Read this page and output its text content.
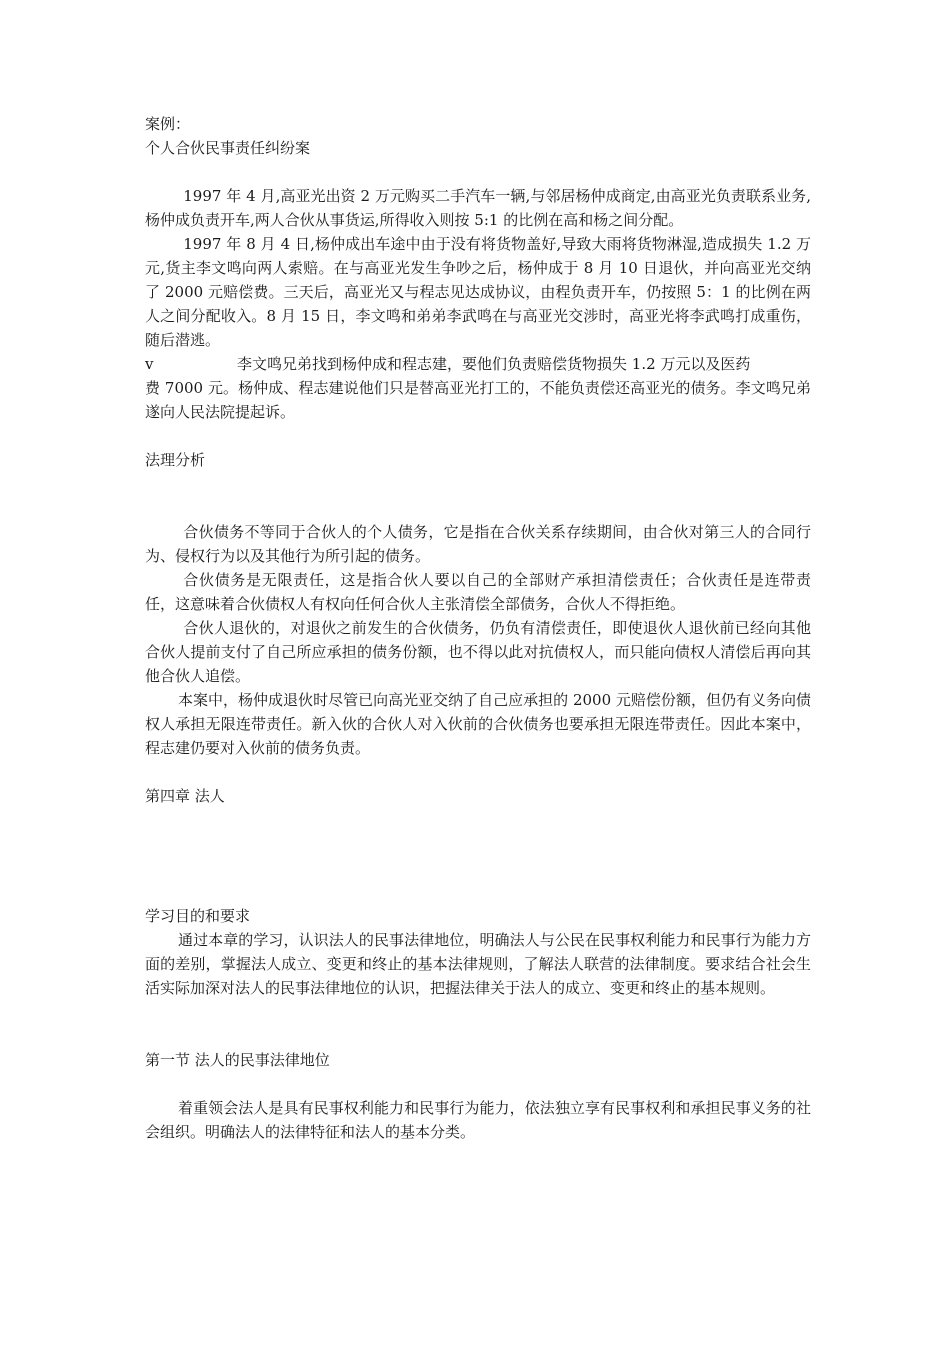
案例：
个人合伙民事责任纠纷案
1997 年 4 月,高亚光出资 2 万元购买二手汽车一辆,与邻居杨仲成商定,由高亚光负责联系业务,杨仲成负责开车,两人合伙从事货运,所得收入则按 5:1 的比例在高和杨之间分配。
1997 年 8 月 4 日,杨仲成出车途中由于没有将货物盖好,导致大雨将货物淋湿,造成损失 1.2 万元,货主李文鸣向两人索赔。在与高亚光发生争吵之后，杨仲成于 8 月 10 日退伙，并向高亚光交纳了 2000 元赔偿费。三天后，高亚光又与程志见达成协议，由程负责开车，仍按照 5：1 的比例在两人之间分配收入。8 月 15 日，李文鸣和弟弟李武鸣在与高亚光交涉时，高亚光将李武鸣打成重伤，随后潜逃。
v	李文鸣兄弟找到杨仲成和程志建，要他们负责赔偿货物损失 1.2 万元以及医药
费 7000 元。杨仲成、程志建说他们只是替高亚光打工的，不能负责偿还高亚光的债务。李文鸣兄弟遂向人民法院提起诉。
法理分析
合伙债务不等同于合伙人的个人债务，它是指在合伙关系存续期间，由合伙对第三人的合同行为、侵权行为以及其他行为所引起的债务。
合伙债务是无限责任，这是指合伙人要以自己的全部财产承担清偿责任；合伙责任是连带责任，这意味着合伙债权人有权向任何合伙人主张清偿全部债务，合伙人不得拒绝。
合伙人退伙的，对退伙之前发生的合伙债务，仍负有清偿责任，即使退伙人退伙前已经向其他合伙人提前支付了自己所应承担的债务份额，也不得以此对抗债权人，而只能向债权人清偿后再向其他合伙人追偿。
本案中，杨仲成退伙时尽管已向高光亚交纳了自己应承担的 2000 元赔偿份额，但仍有义务向债权人承担无限连带责任。新入伙的合伙人对入伙前的合伙债务也要承担无限连带责任。因此本案中，程志建仍要对入伙前的债务负责。
第四章 法人
学习目的和要求
通过本章的学习，认识法人的民事法律地位，明确法人与公民在民事权利能力和民事行为能力方面的差别，掌握法人成立、变更和终止的基本法律规则，了解法人联营的法律制度。要求结合社会生活实际加深对法人的民事法律地位的认识，把握法律关于法人的成立、变更和终止的基本规则。
第一节 法人的民事法律地位
着重领会法人是具有民事权利能力和民事行为能力，依法独立享有民事权利和承担民事义务的社会组织。明确法人的法律特征和法人的基本分类。
